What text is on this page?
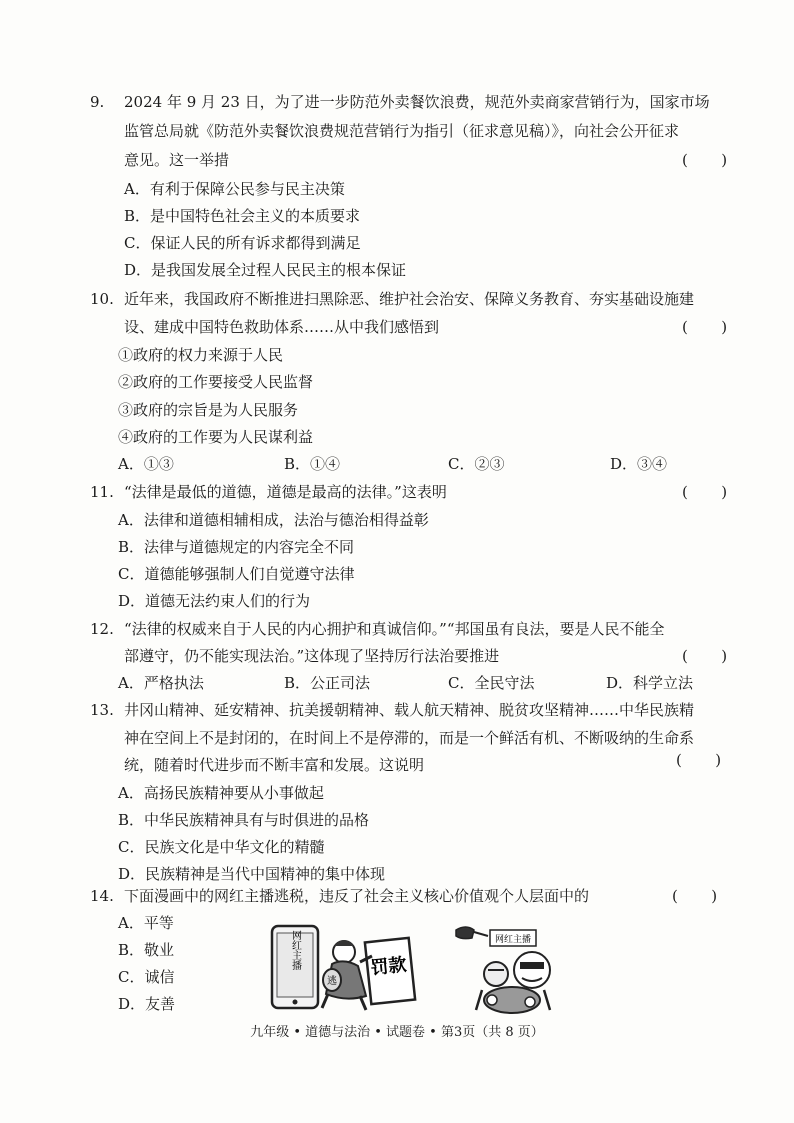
9. 2024 年 9 月 23 日，为了进一步防范外卖餐饮浪费，规范外卖商家营销行为，国家市场
监管总局就《防范外卖餐饮浪费规范营销行为指引（征求意见稿）》，向社会公开征求
意见。这一举措	(       )
A．有利于保障公民参与民主决策
B．是中国特色社会主义的本质要求
C．保证人民的所有诉求都得到满足
D．是我国发展全过程人民民主的根本保证
10. 近年来，我国政府不断推进扫黑除恶、维护社会治安、保障义务教育、夯实基础设施建
设、建成中国特色救助体系……从中我们感悟到	(       )
①政府的权力来源于人民
②政府的工作要接受人民监督
③政府的宗旨是为人民服务
④政府的工作要为人民谋利益
A．①③	B．①④	C．②③	D．③④
11. “法律是最低的道德，道德是最高的法律。”这表明	(       )
A．法律和道德相辅相成，法治与德治相得益彰
B．法律与道德规定的内容完全不同
C．道德能够强制人们自觉遵守法律
D．道德无法约束人们的行为
12. “法律的权威来自于人民的内心拥护和真诚信仰。”“邦国虽有良法，要是人民不能全
部遵守，仍不能实现法治。”这体现了坚持厉行法治要推进	(       )
A．严格执法	B．公正司法	C．全民守法	D．科学立法
13. 井冈山精神、延安精神、抗美援朝精神、载人航天精神、脱贫攻坚精神……中华民族精
神在空间上不是封闭的，在时间上不是停滞的，而是一个鲜活有机、不断吸纳的生命系
统，随着时代进步而不断丰富和发展。这说明	(       )
A．高扬民族精神要从小事做起
B．中华民族精神具有与时俱进的品格
C．民族文化是中华文化的精髓
D．民族精神是当代中国精神的集中体现
14. 下面漫画中的网红主播逃税，违反了社会主义核心价值观个人层面中的	(       )
A．平等
B．敬业
C．诚信
D．友善
网红主播
逃
罚款
网红主播
九年级 • 道德与法治 • 试题卷 • 第3页（共 8 页）
